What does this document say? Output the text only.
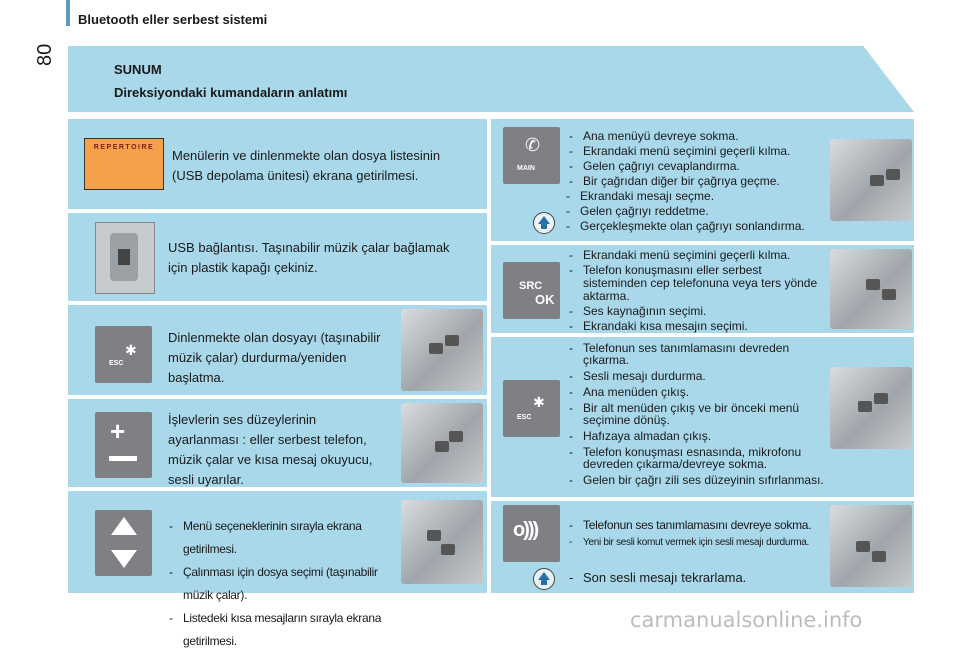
Bluetooth eller serbest sistemi
80
SUNUM
Direksiyondaki kumandaların anlatımı
REPERTOIRE
Menülerin ve dinlenmekte olan dosya listesinin (USB depolama ünitesi) ekrana getirilmesi.
USB bağlantısı. Taşınabilir müzik çalar bağlamak için plastik kapağı çekiniz.
ESC
✱
Dinlenmekte olan dosyayı (taşınabilir müzik çalar) durdurma/yeniden başlatma.
+	İşlevlerin ses düzeylerinin ayarlanması : eller serbest telefon, müzik çalar ve kısa mesaj okuyucu, sesli uyarılar.
- Menü seçeneklerinin sırayla ekrana getirilmesi.
- Çalınması için dosya seçimi (taşınabilir müzik çalar).
- Listedeki kısa mesajların sırayla ekrana getirilmesi.
✆
MAIN
- Ana menüyü devreye sokma.
- Ekrandaki menü seçimini geçerli kılma.
- Gelen çağrıyı cevaplandırma.
- Bir çağrıdan diğer bir çağrıya geçme.
- Ekrandaki mesajı seçme.
- Gelen çağrıyı reddetme.
- Gerçekleşmekte olan çağrıyı sonlandırma.
SRC
OK
- Ekrandaki menü seçimini geçerli kılma.
- Telefon konuşmasını eller serbest sisteminden cep telefonuna veya ters yönde aktarma.
- Ses kaynağının seçimi.
- Ekrandaki kısa mesajın seçimi.
✱
ESC
- Telefonun ses tanımlamasını devreden çıkarma.
- Sesli mesajı durdurma.
- Ana menüden çıkış.
- Bir alt menüden çıkış ve bir önceki menü seçimine dönüş.
- Hafızaya almadan çıkış.
- Telefon konuşması esnasında, mikrofonu devreden çıkarma/devreye sokma.
- Gelen bir çağrı zili ses düzeyinin sıfırlanması.
o)))
-	Telefonun ses tanımlamasını devreye sokma.
- Yeni bir sesli komut vermek için sesli mesajı durdurma.
- Son sesli mesajı tekrarlama.
carmanualsonline.info
